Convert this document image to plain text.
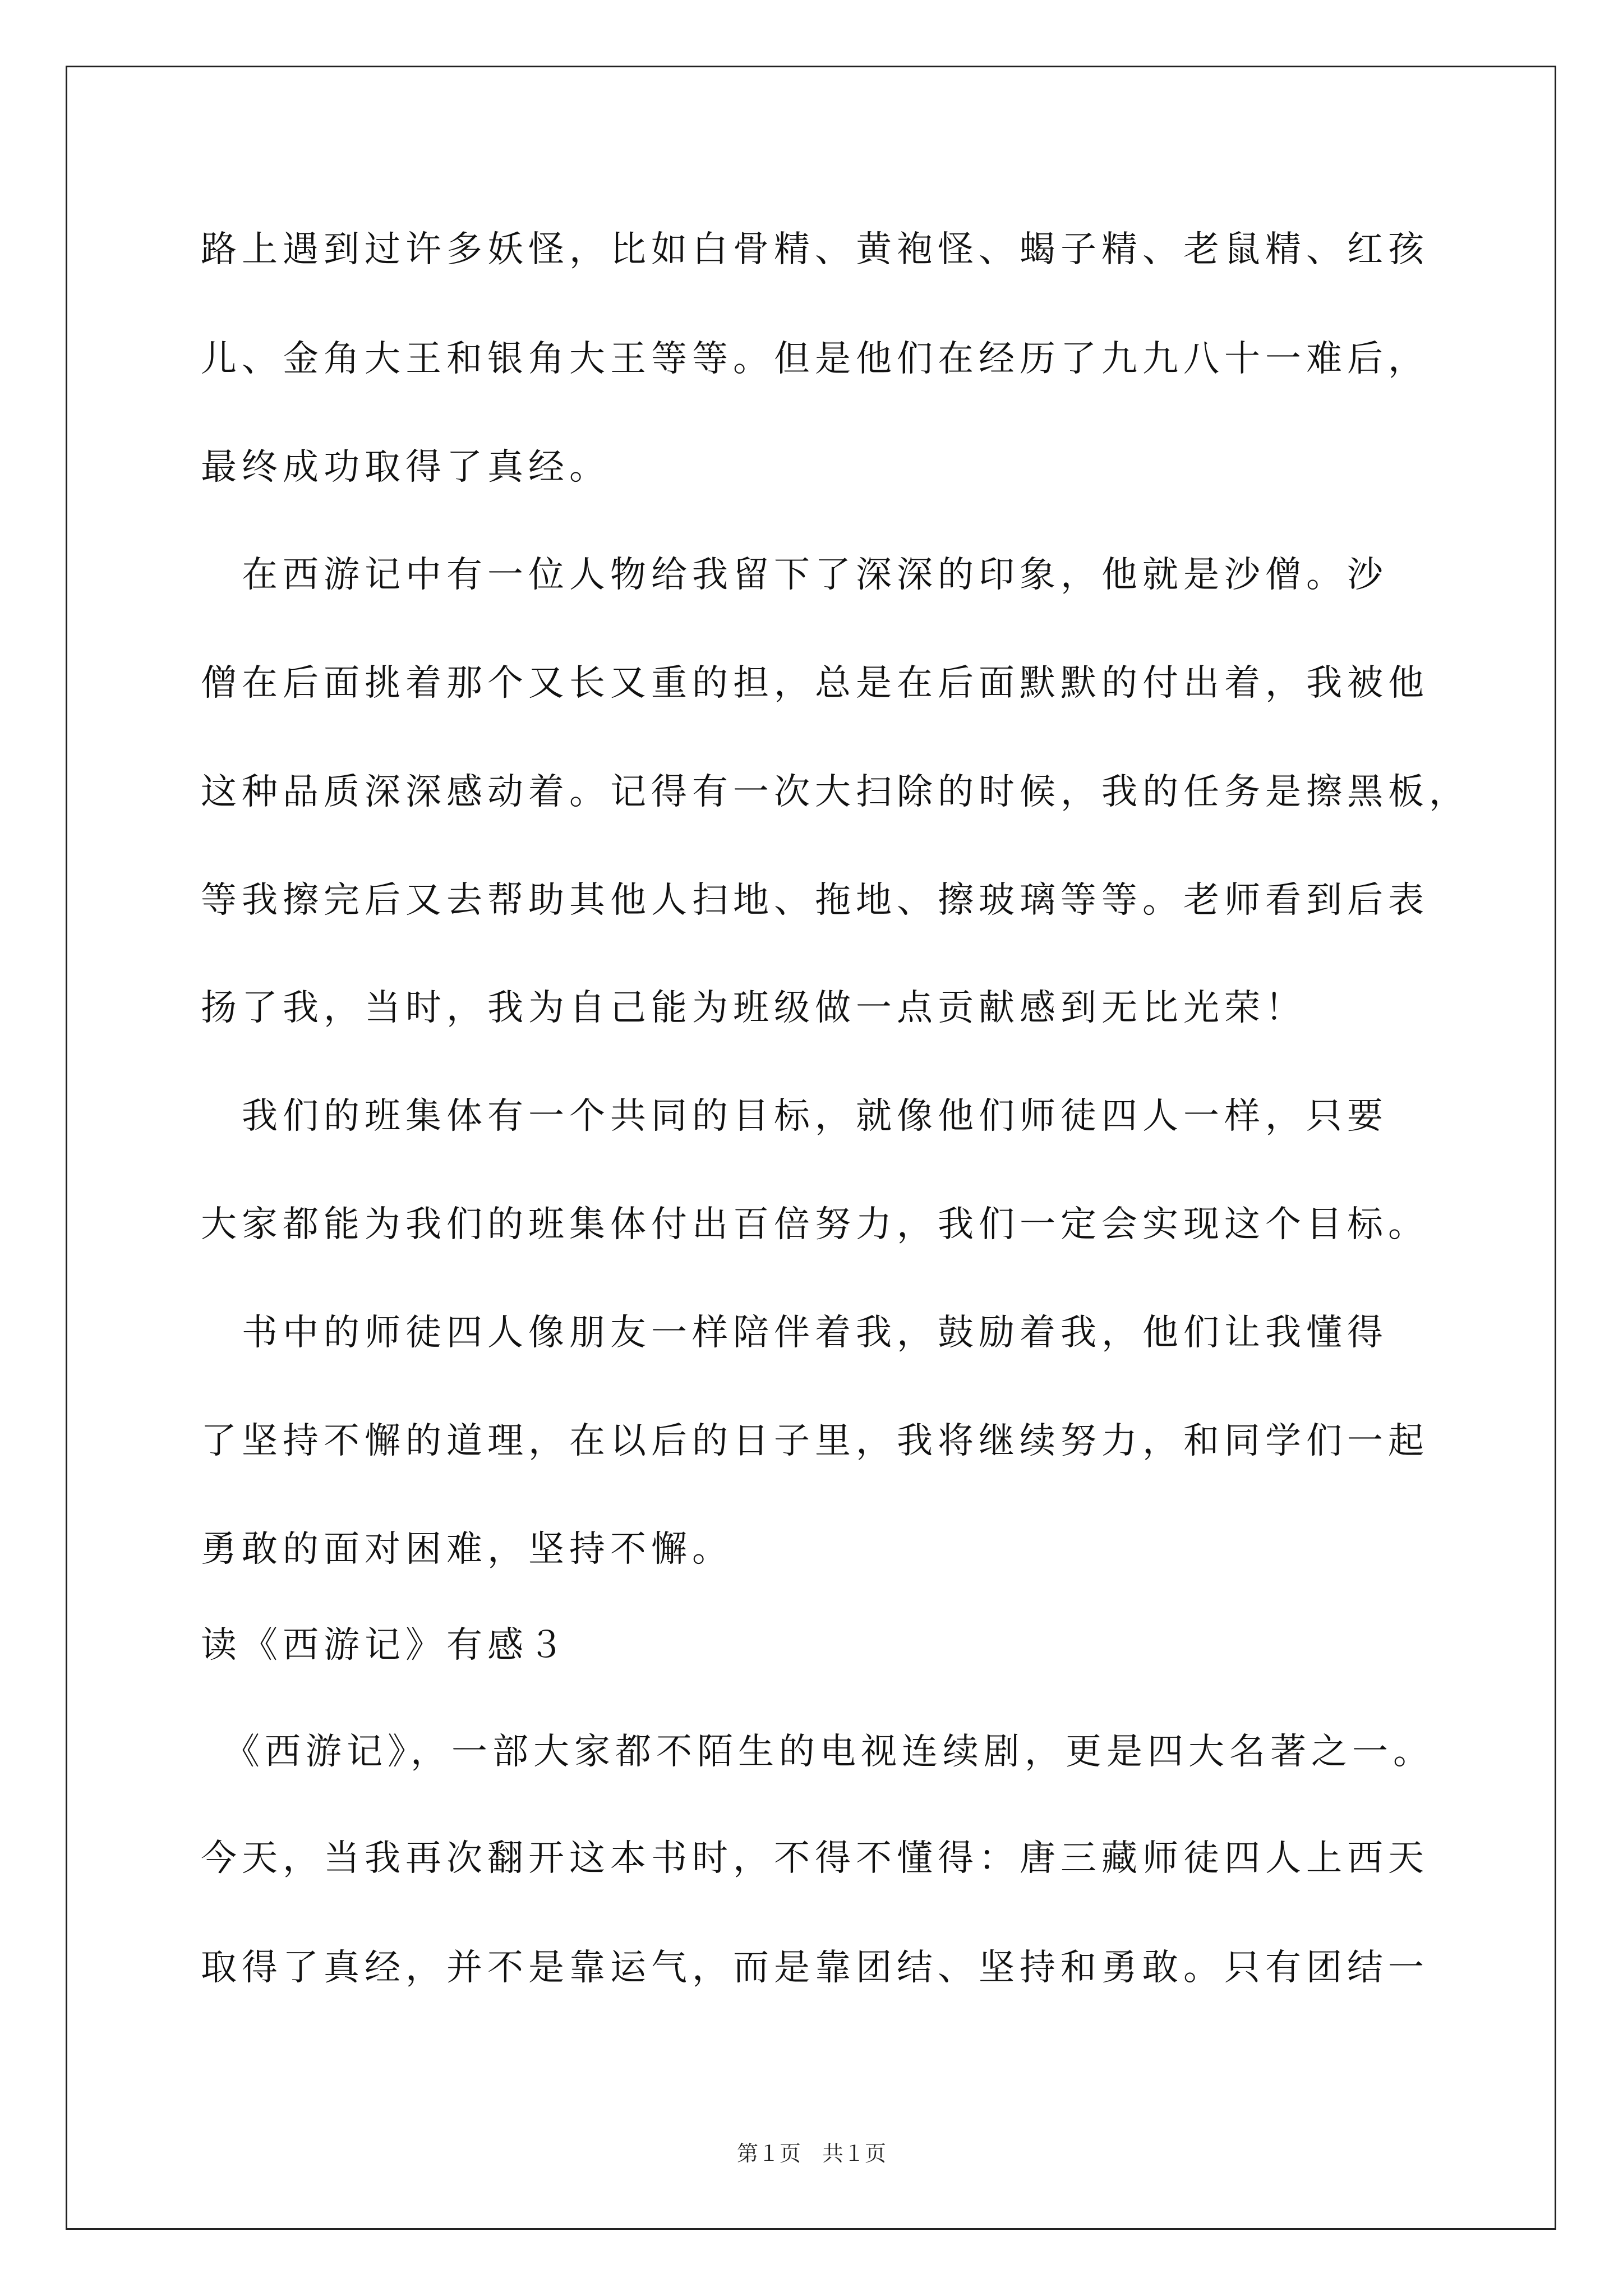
路上遇到过许多妖怪，比如白骨精、黄袍怪、蝎子精、老鼠精、红孩
儿、金角大王和银角大王等等。但是他们在经历了九九八十一难后，
最终成功取得了真经。
　在西游记中有一位人物给我留下了深深的印象，他就是沙僧。沙
僧在后面挑着那个又长又重的担，总是在后面默默的付出着，我被他
这种品质深深感动着。记得有一次大扫除的时候，我的任务是擦黑板，
等我擦完后又去帮助其他人扫地、拖地、擦玻璃等等。老师看到后表
扬了我，当时，我为自己能为班级做一点贡献感到无比光荣！
　我们的班集体有一个共同的目标，就像他们师徒四人一样，只要
大家都能为我们的班集体付出百倍努力，我们一定会实现这个目标。
　书中的师徒四人像朋友一样陪伴着我，鼓励着我，他们让我懂得
了坚持不懈的道理，在以后的日子里，我将继续努力，和同学们一起
勇敢的面对困难，坚持不懈。
读《西游记》有感３
　《西游记》，一部大家都不陌生的电视连续剧，更是四大名著之一。
今天，当我再次翻开这本书时，不得不懂得：唐三藏师徒四人上西天
取得了真经，并不是靠运气，而是靠团结、坚持和勇敢。只有团结一
第１页　共１页
